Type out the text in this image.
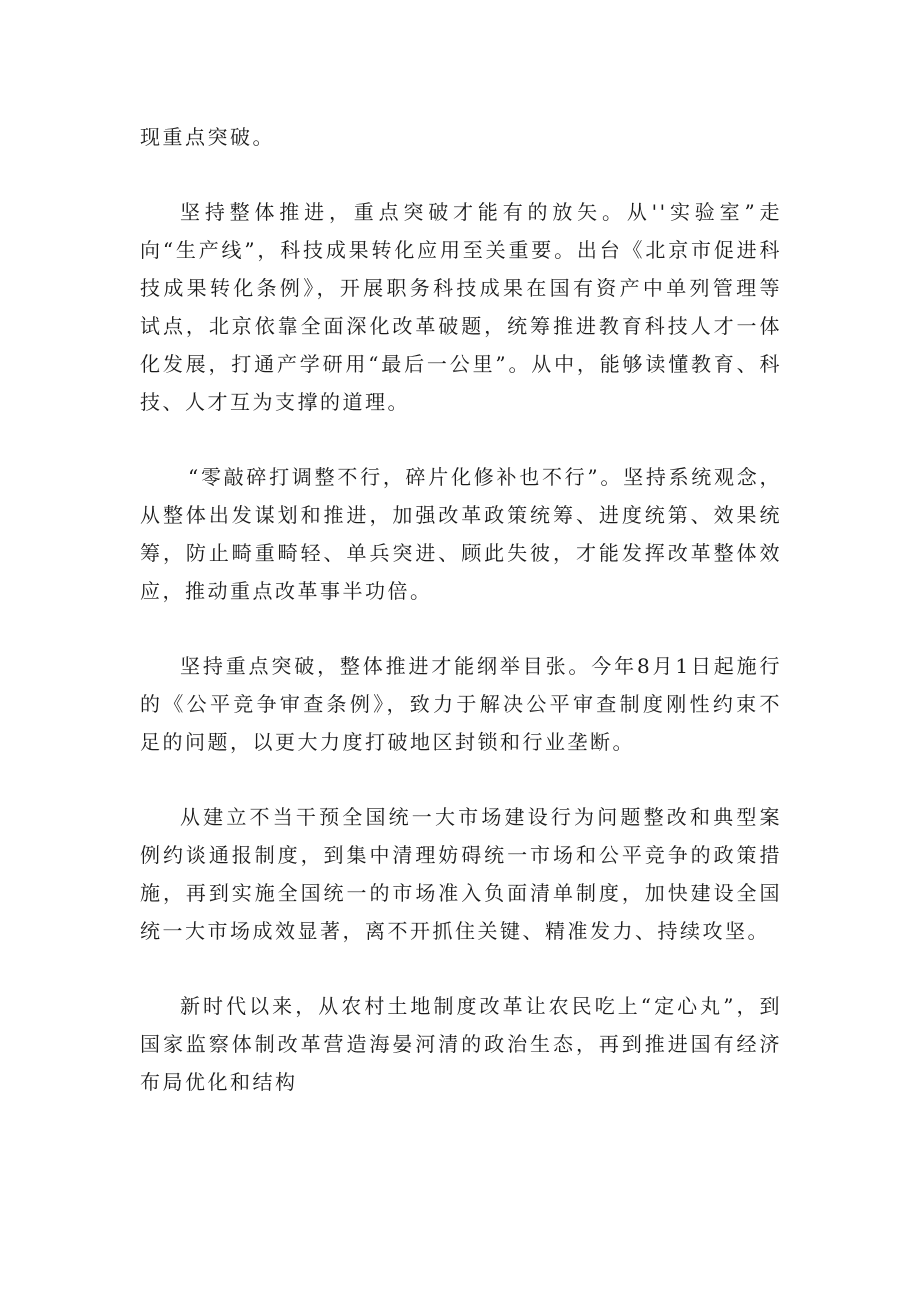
现重点突破。

坚持整体推进，重点突破才能有的放矢。从''实验室”走向“生产线”，科技成果转化应用至关重要。出台《北京市促进科技成果转化条例》，开展职务科技成果在国有资产中单列管理等试点，北京依靠全面深化改革破题，统筹推进教育科技人才一体化发展，打通产学研用“最后一公里”。从中，能够读懂教育、科技、人才互为支撑的道理。

“零敲碎打调整不行，碎片化修补也不行”。坚持系统观念，从整体出发谋划和推进，加强改革政策统筹、进度统第、效果统筹，防止畸重畸轻、单兵突进、顾此失彼，才能发挥改革整体效应，推动重点改革事半功倍。

坚持重点突破，整体推进才能纲举目张。今年8月1日起施行的《公平竞争审查条例》，致力于解决公平审查制度刚性约束不足的问题，以更大力度打破地区封锁和行业垄断。

从建立不当干预全国统一大市场建设行为问题整改和典型案例约谈通报制度，到集中清理妨碍统一市场和公平竞争的政策措施，再到实施全国统一的市场准入负面清单制度，加快建设全国统一大市场成效显著，离不开抓住关键、精准发力、持续攻坚。

新时代以来，从农村土地制度改革让农民吃上“定心丸”，到国家监察体制改革营造海晏河清的政治生态，再到推进国有经济布局优化和结构
